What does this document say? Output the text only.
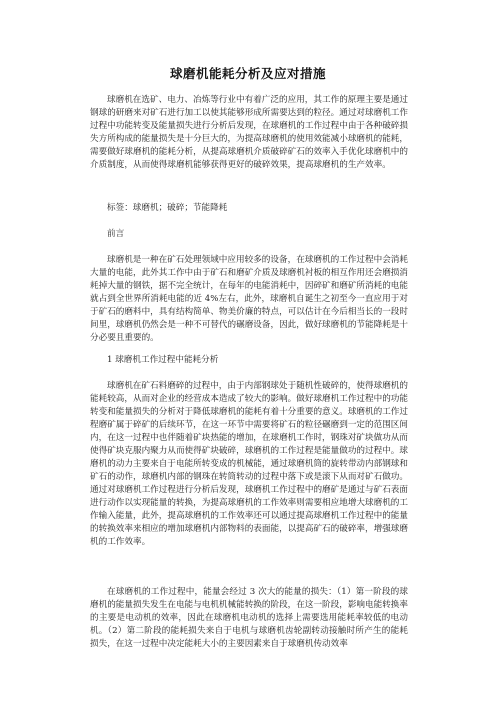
球磨机能耗分析及应对措施

球磨机在选矿、电力、冶炼等行业中有着广泛的应用，其工作的原理主要是通过钢球的研磨来对矿石进行加工以使其能够形成所需要达到的粒径。通过对球磨机工作过程中功能转变及能量损失进行分析后发现，在球磨机的工作过程中由于各种破碎损失方所构成的能量损失是十分巨大的，为提高球磨机的使用效能减小球磨机的能耗，需要做好球磨机的能耗分析，从提高球磨机介质破碎矿石的效率入手优化球磨机中的介质制度，从而使得球磨机能够获得更好的破碎效果，提高球磨机的生产效率。

标签：球磨机；破碎；节能降耗

前言

球磨机是一种在矿石处理领域中应用较多的设备，在球磨机的工作过程中会消耗大量的电能，此外其工作中由于矿石和磨矿介质及球磨机衬板的相互作用还会磨损消耗掉大量的钢铁，据不完全统计，在每年的电能消耗中，因碎矿和磨矿所消耗的电能就占到全世界所消耗电能的近 4%左右，此外，球磨机自诞生之初至今一直应用于对于矿石的磨料中，具有结构简单、物美价廉的特点，可以估计在今后相当长的一段时间里，球磨机仍然会是一种不可替代的碾磨设备，因此，做好球磨机的节能降耗是十分必要且重要的。

1 球磨机工作过程中能耗分析

球磨机在矿石料磨碎的过程中，由于内部钢球处于随机性破碎的，使得球磨机的能耗较高，从而对企业的经营成本造成了较大的影响。做好球磨机工作过程中的功能转变和能量损失的分析对于降低球磨机的能耗有着十分重要的意义。球磨机的工作过程磨矿属于碎矿的后续环节，在这一环节中需要将矿石的粒径碾磨到一定的范围区间内，在这一过程中也伴随着矿块热能的增加，在球磨机工作时，钢珠对矿块做功从而使得矿块克服内聚力从而使得矿块破碎，球磨机的工作过程是能量做功的过程中。球磨机的动力主要来自于电能所转变成的机械能，通过球磨机筒的旋转带动内部钢球和矿石的动作，球磨机内部的钢珠在转筒转动的过程中落下或是滚下从而对矿石做功。通过对球磨机工作过程进行分析后发现，球磨机工作过程中的磨矿是通过与矿石表面进行动作以实现能量的转换，为提高球磨机的工作效率则需要相应地增大球磨机的工作输入能量，此外，提高球磨机的工作效率还可以通过提高球磨机工作过程中的能量的转换效率来相应的增加球磨机内部物料的表面能，以提高矿石的破碎率，增强球磨机的工作效率。

在球磨机的工作过程中，能量会经过 3 次大的能量的损失：（1）第一阶段的球磨机的能量损失发生在电能与电机机械能转换的阶段，在这一阶段，影响电能转换率的主要是电动机的效率，因此在球磨机电动机的选择上需要选用能耗率较低的电动机。（2）第二阶段的能耗损失来自于电机与球磨机齿轮副转动接触时所产生的能耗损失，在这一过程中决定能耗大小的主要因素来自于球磨机传动效率
